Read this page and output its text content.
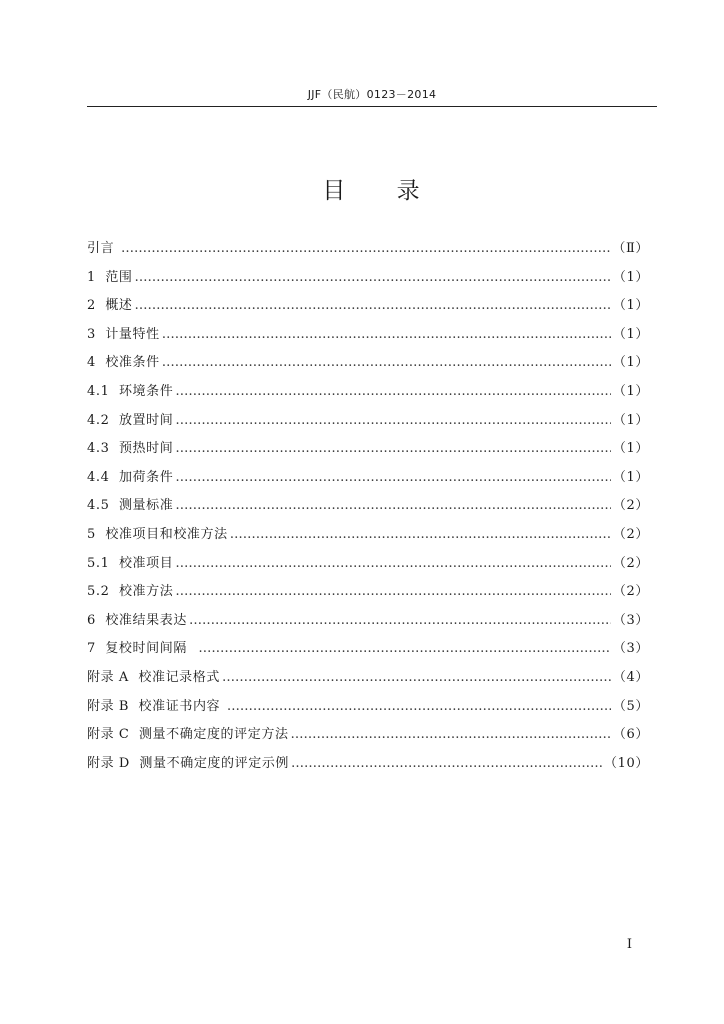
JJF（民航）0123－2014
目 录
引言 ………………………………………………………………………………………………………………………………………………………………………………………………	（Ⅱ）
1  范围 ………………………………………………………………………………………………………………………………………………………………………………………………	（1）
2  概述 ………………………………………………………………………………………………………………………………………………………………………………………………	（1）
3  计量特性 ………………………………………………………………………………………………………………………………………………………………………………………………	（1）
4  校准条件 ………………………………………………………………………………………………………………………………………………………………………………………………	（1）
4.1  环境条件 ………………………………………………………………………………………………………………………………………………………………………………………………	（1）
4.2  放置时间 ………………………………………………………………………………………………………………………………………………………………………………………………	（1）
4.3  预热时间 ………………………………………………………………………………………………………………………………………………………………………………………………	（1）
4.4  加荷条件 ………………………………………………………………………………………………………………………………………………………………………………………………	（1）
4.5  测量标准 ………………………………………………………………………………………………………………………………………………………………………………………………	（2）
5  校准项目和校准方法 ………………………………………………………………………………………………………………………………………………………………………………………………	（2）
5.1  校准项目 ………………………………………………………………………………………………………………………………………………………………………………………………	（2）
5.2  校准方法 ………………………………………………………………………………………………………………………………………………………………………………………………	（2）
6  校准结果表达 ………………………………………………………………………………………………………………………………………………………………………………………………	（3）
7  复校时间间隔 ………………………………………………………………………………………………………………………………………………………………………………………………	（3）
附录 A  校准记录格式 ………………………………………………………………………………………………………………………………………………………………………………………………	（4）
附录 B  校准证书内容 ………………………………………………………………………………………………………………………………………………………………………………………………	（5）
附录 C  测量不确定度的评定方法 ………………………………………………………………………………………………………………………………………………………………………………………………	（6）
附录 D  测量不确定度的评定示例 ………………………………………………………………………………………………………………………………………………………………………………………………	（10）
I
